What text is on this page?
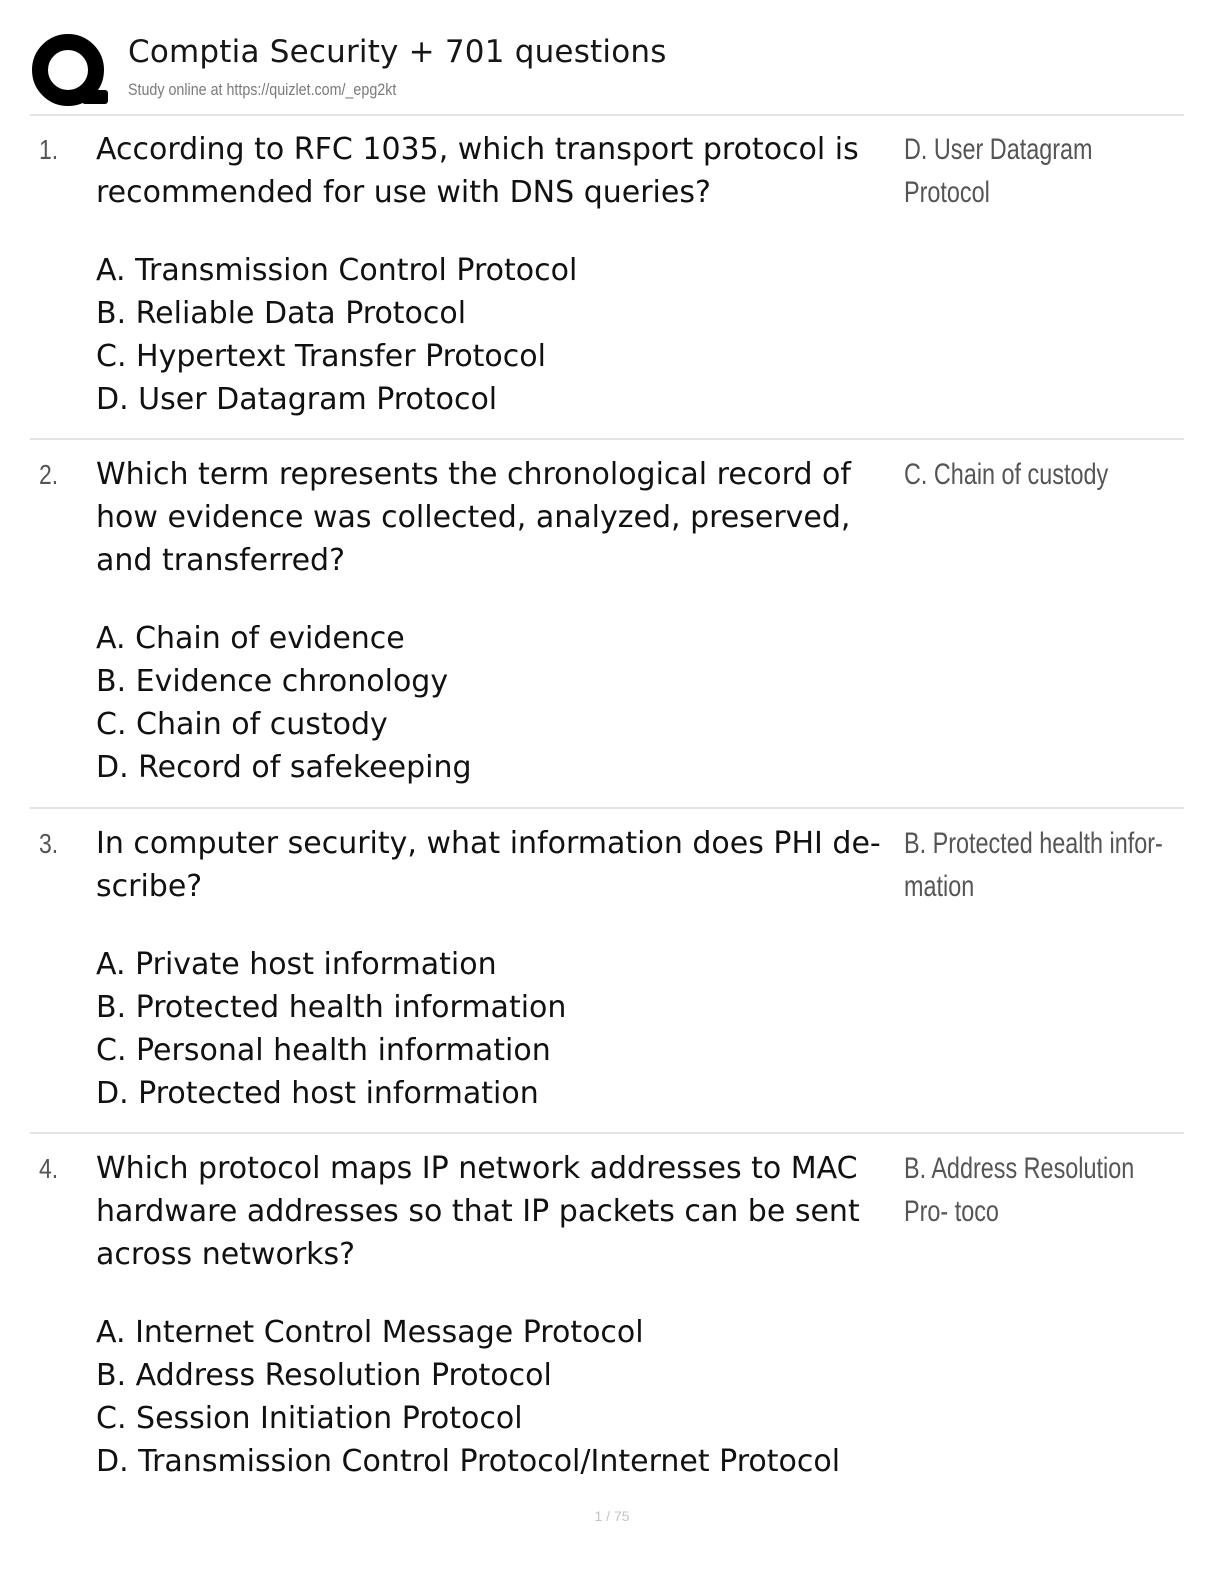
Comptia Security + 701 questions
Study online at https://quizlet.com/_epg2kt
1. According to RFC 1035, which transport protocol is recommended for use with DNS queries?
A. Transmission Control Protocol
B. Reliable Data Protocol
C. Hypertext Transfer Protocol
D. User Datagram Protocol
D. User Datagram Protocol
2. Which term represents the chronological record of how evidence was collected, analyzed, preserved, and transferred?
A. Chain of evidence
B. Evidence chronology
C. Chain of custody
D. Record of safekeeping
C. Chain of custody
3. In computer security, what information does PHI de- scribe?
A. Private host information
B. Protected health information
C. Personal health information
D. Protected host information
B. Protected health infor- mation
4. Which protocol maps IP network addresses to MAC hardware addresses so that IP packets can be sent across networks?
A. Internet Control Message Protocol
B. Address Resolution Protocol
C. Session Initiation Protocol
D. Transmission Control Protocol/Internet Protocol
B. Address Resolution Pro- toco
1 / 75
